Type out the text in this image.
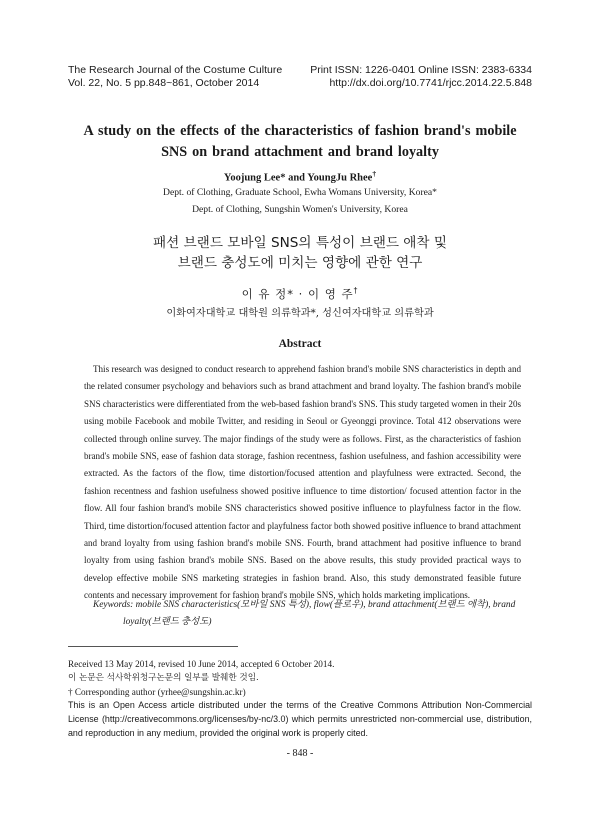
The Research Journal of the Costume Culture	Print ISSN: 1226-0401 Online ISSN: 2383-6334
Vol. 22, No. 5 pp.848~861, October 2014	http://dx.doi.org/10.7741/rjcc.2014.22.5.848
A study on the effects of the characteristics of fashion brand's mobile
SNS on brand attachment and brand loyalty
Yoojung Lee* and YoungJu Rhee†
Dept. of Clothing, Graduate School, Ewha Womans University, Korea*
Dept. of Clothing, Sungshin Women's University, Korea
패션 브랜드 모바일 SNS의 특성이 브랜드 애착 및
브랜드 충성도에 미치는 영향에 관한 연구
이 유 정* · 이 영 주†
이화여자대학교 대학원 의류학과*, 성신여자대학교 의류학과
Abstract
This research was designed to conduct research to apprehend fashion brand's mobile SNS characteristics in depth and the related consumer psychology and behaviors such as brand attachment and brand loyalty. The fashion brand's mobile SNS characteristics were differentiated from the web-based fashion brand's SNS. This study targeted women in their 20s using mobile Facebook and mobile Twitter, and residing in Seoul or Gyeonggi province. Total 412 observations were collected through online survey. The major findings of the study were as follows. First, as the characteristics of fashion brand's mobile SNS, ease of fashion data storage, fashion recentness, fashion usefulness, and fashion accessibility were extracted. As the factors of the flow, time distortion/focused attention and playfulness were extracted. Second, the fashion recentness and fashion usefulness showed positive influence to time distortion/ focused attention factor in the flow. All four fashion brand's mobile SNS characteristics showed positive influence to playfulness factor in the flow. Third, time distortion/focused attention factor and playfulness factor both showed positive influence to brand attachment and brand loyalty from using fashion brand's mobile SNS. Fourth, brand attachment had positive influence to brand loyalty from using fashion brand's mobile SNS. Based on the above results, this study provided practical ways to develop effective mobile SNS marketing strategies in fashion brand. Also, this study demonstrated feasible future contents and necessary improvement for fashion brand's mobile SNS, which holds marketing implications.
Keywords: mobile SNS characteristics(모바일 SNS 특성), flow(플로우), brand attachment(브랜드 애착), brand loyalty(브랜드 충성도)
Received 13 May 2014, revised 10 June 2014, accepted 6 October 2014.
이 논문은 석사학위청구논문의 일부를 발췌한 것임.
† Corresponding author (yrhee@sungshin.ac.kr)
This is an Open Access article distributed under the terms of the Creative Commons Attribution Non-Commercial License (http://creativecommons.org/licenses/by-nc/3.0) which permits unrestricted non-commercial use, distribution, and reproduction in any medium, provided the original work is properly cited.
- 848 -
